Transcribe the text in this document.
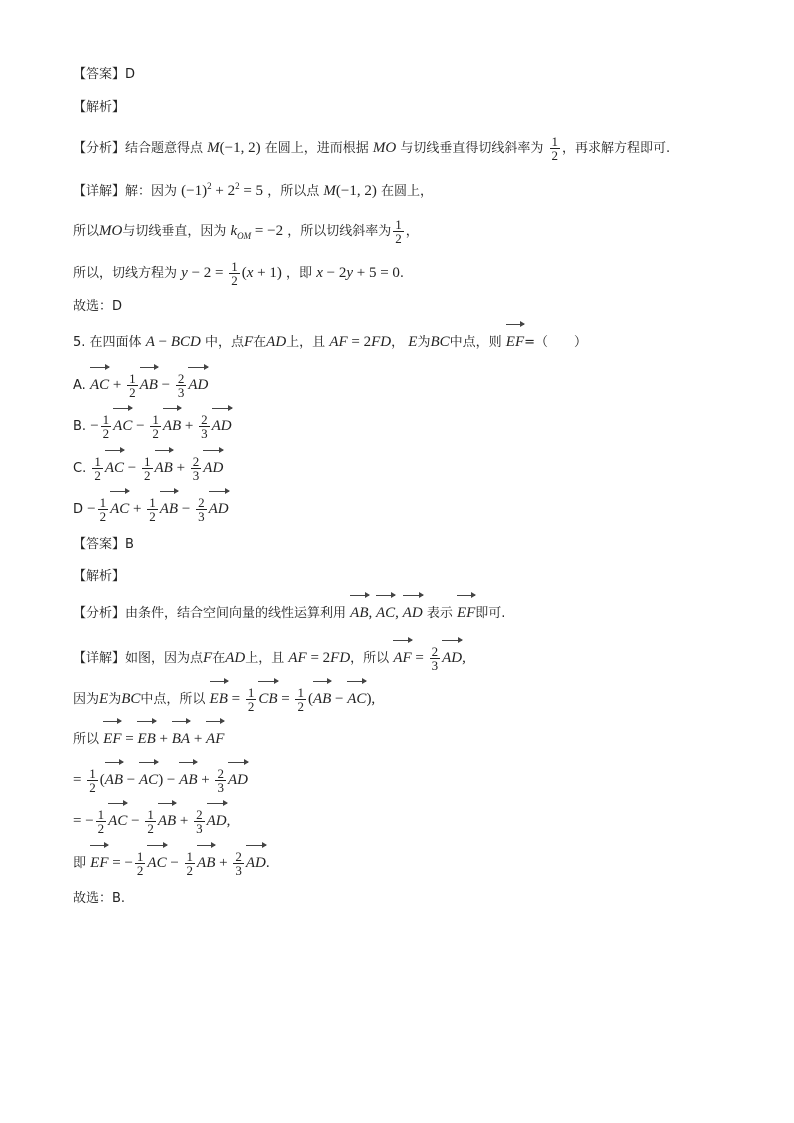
【答案】D
【解析】
【分析】结合题意得点 M(−1, 2) 在圆上，进而根据 MO 与切线垂直得切线斜率为 $\frac{1}{2}$ ，再求解方程即可.
【详解】解：因为 $(-1)^2 + 2^2 = 5$ ，所以点 M(−1, 2) 在圆上，
所以MO与切线垂直，因为 $k_{OM} = -2$ ，所以切线斜率为 $\frac{1}{2}$ ，
所以，切线方程为 $y - 2 = \frac{1}{2} (x + 1)$ ，即 x − 2y + 5 = 0.
故选：D
5. 在四面体 A − BCD 中，点F在AD上，且 AF = 2FD， E为BC中点，则 EF=（　　）
A. AC + $\frac{1}{2}$ AB − $\frac{2}{3}$ AD
B. − $\frac{1}{2}$ AC − $\frac{1}{2}$ AB + $\frac{2}{3}$ AD
C. $\frac{1}{2}$ AC − $\frac{1}{2}$ AB + $\frac{2}{3}$ AD
$D - \frac{1}{2}$ AC + $\frac{1}{2}$ AB − $\frac{2}{3}$ AD
【答案】B
【解析】
【分析】由条件，结合空间向量的线性运算利用 AB,
AC,
AD 表示 EF即可.
【详解】如图，因为点F在AD上，且 AF = 2FD，所以 AF = $\frac{2}{3}$ AD,
因为E为BC中点，所以 EB = $\frac{1}{2}$ CB = $\frac{1}{2}$ (
AB −
AC),
所以 EF =
EB +
BA +
AF
= $\frac{1}{2}$ (
AB −
AC) −
AB + $\frac{2}{3}$ AD
= − $\frac{1}{2}$ AC − $\frac{1}{2}$ AB + $\frac{2}{3}$ AD,
即 EF = − $\frac{1}{2}$ AC − $\frac{1}{2}$ AB + $\frac{2}{3}$ AD.
故选：B.
